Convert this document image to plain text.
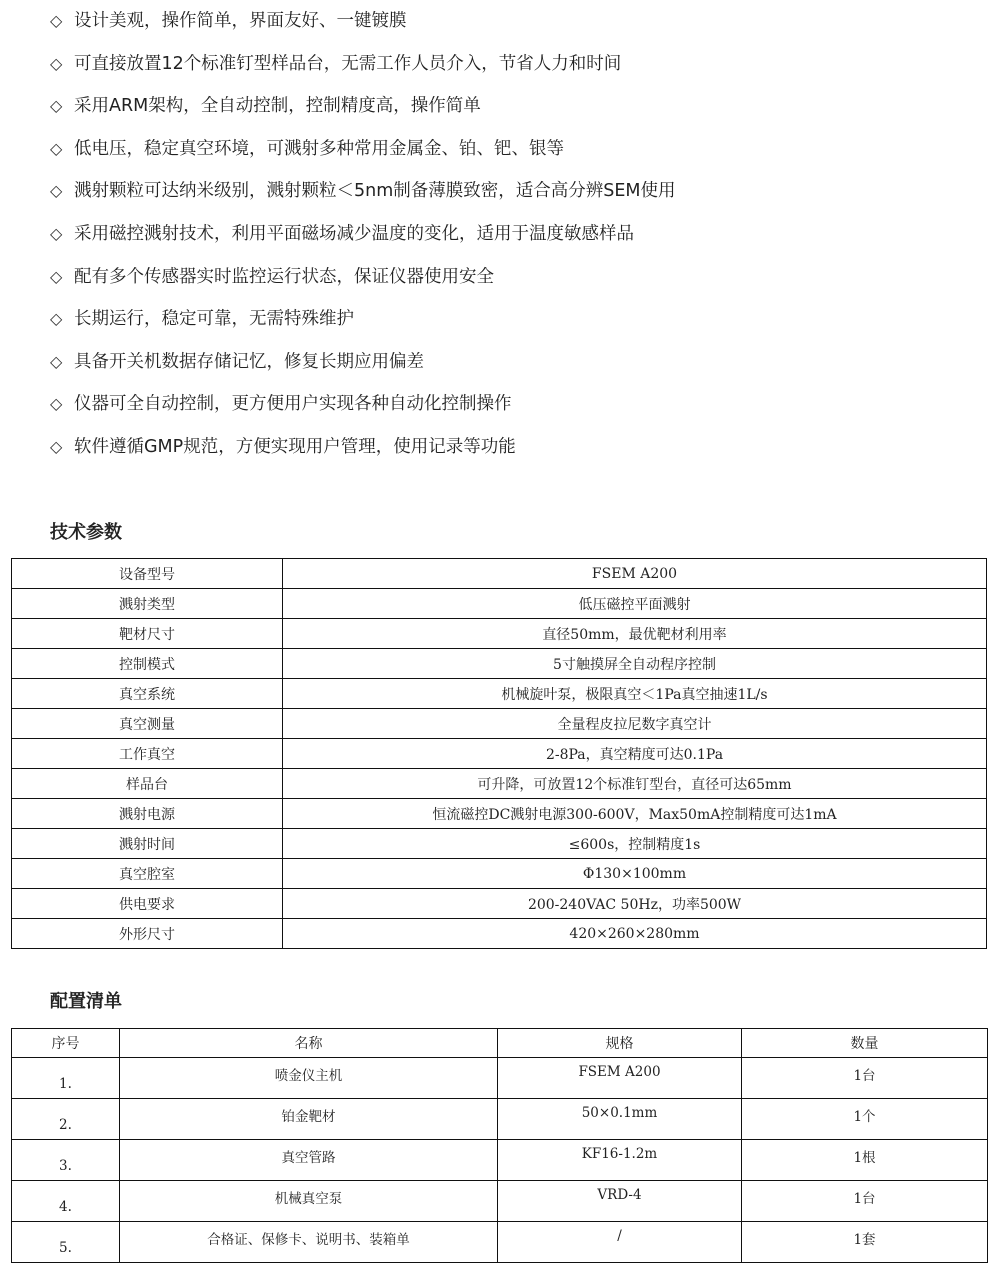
◇ 设计美观，操作简单，界面友好、一键镀膜
◇ 可直接放置12个标准钉型样品台，无需工作人员介入，节省人力和时间
◇ 采用ARM架构，全自动控制，控制精度高，操作简单
◇ 低电压，稳定真空环境，可溅射多种常用金属金、铂、钯、银等
◇ 溅射颗粒可达纳米级别，溅射颗粒＜5nm制备薄膜致密，适合高分辨SEM使用
◇ 采用磁控溅射技术，利用平面磁场减少温度的变化，适用于温度敏感样品
◇ 配有多个传感器实时监控运行状态，保证仪器使用安全
◇ 长期运行，稳定可靠，无需特殊维护
◇ 具备开关机数据存储记忆，修复长期应用偏差
◇ 仪器可全自动控制，更方便用户实现各种自动化控制操作
◇ 软件遵循GMP规范，方便实现用户管理，使用记录等功能
技术参数
设备型号	FSEM A200
溅射类型	低压磁控平面溅射
靶材尺寸	直径50mm，最优靶材利用率
控制模式	5寸触摸屏全自动程序控制
真空系统	机械旋叶泵，极限真空＜1Pa真空抽速1L/s
真空测量	全量程皮拉尼数字真空计
工作真空	2-8Pa，真空精度可达0.1Pa
样品台	可升降，可放置12个标准钉型台，直径可达65mm
溅射电源	恒流磁控DC溅射电源300-600V，Max50mA控制精度可达1mA
溅射时间	≤600s，控制精度1s
真空腔室	Φ130×100mm
供电要求	200-240VAC 50Hz，功率500W
外形尺寸	420×260×280mm
配置清单
序号	名称	规格	数量
1.	喷金仪主机	FSEM A200	1台
2.	铂金靶材	50×0.1mm	1个
3.	真空管路	KF16-1.2m	1根
4.	机械真空泵	VRD-4	1台
5.	合格证、保修卡、说明书、装箱单	/	1套
